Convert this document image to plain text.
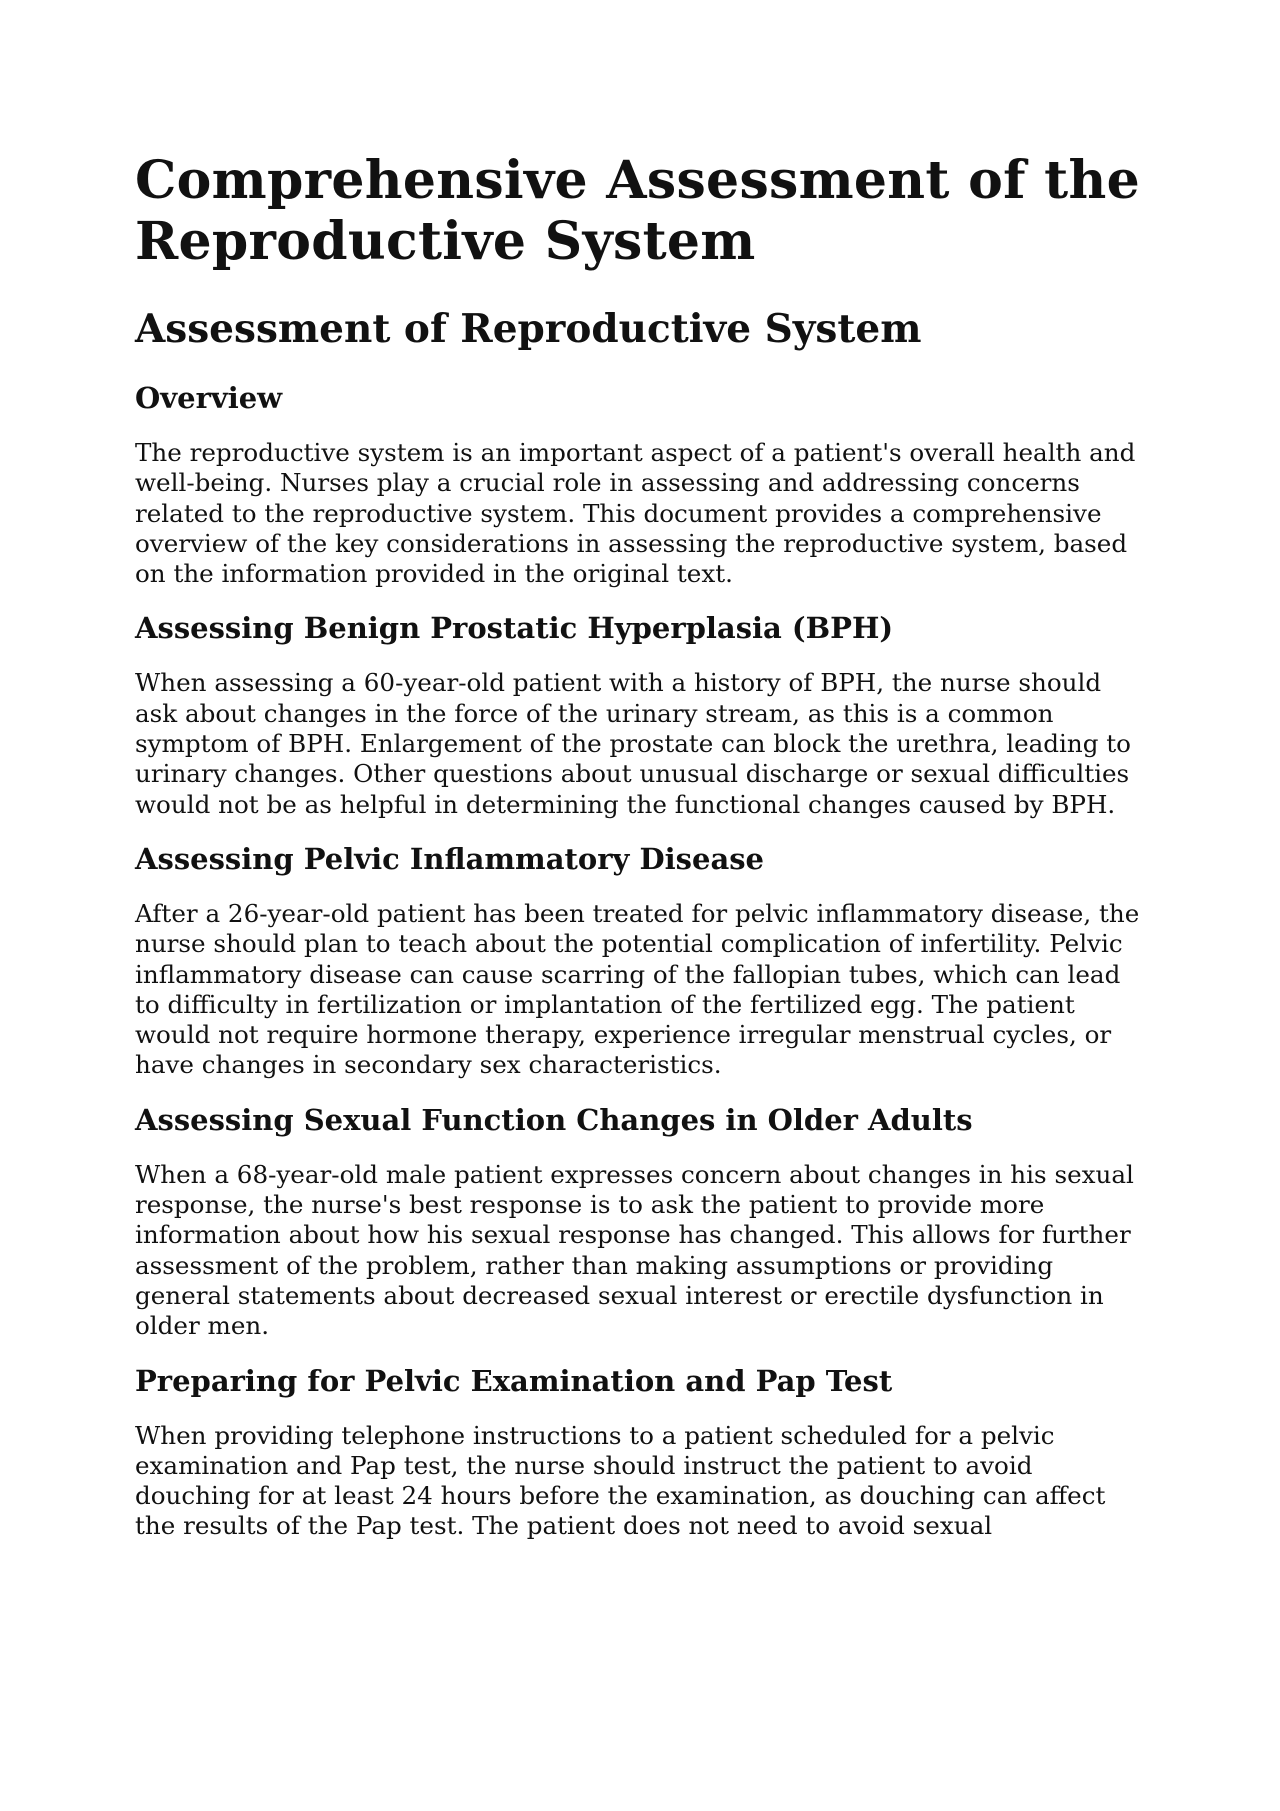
Comprehensive Assessment of the Reproductive System
Assessment of Reproductive System
Overview

The reproductive system is an important aspect of a patient's overall health and well-being. Nurses play a crucial role in assessing and addressing concerns related to the reproductive system. This document provides a comprehensive overview of the key considerations in assessing the reproductive system, based on the information provided in the original text.

Assessing Benign Prostatic Hyperplasia (BPH)

When assessing a 60-year-old patient with a history of BPH, the nurse should ask about changes in the force of the urinary stream, as this is a common symptom of BPH. Enlargement of the prostate can block the urethra, leading to urinary changes. Other questions about unusual discharge or sexual difficulties would not be as helpful in determining the functional changes caused by BPH.

Assessing Pelvic Inflammatory Disease

After a 26-year-old patient has been treated for pelvic inflammatory disease, the nurse should plan to teach about the potential complication of infertility. Pelvic inflammatory disease can cause scarring of the fallopian tubes, which can lead to difficulty in fertilization or implantation of the fertilized egg. The patient would not require hormone therapy, experience irregular menstrual cycles, or have changes in secondary sex characteristics.

Assessing Sexual Function Changes in Older Adults

When a 68-year-old male patient expresses concern about changes in his sexual response, the nurse's best response is to ask the patient to provide more information about how his sexual response has changed. This allows for further assessment of the problem, rather than making assumptions or providing general statements about decreased sexual interest or erectile dysfunction in older men.

Preparing for Pelvic Examination and Pap Test

When providing telephone instructions to a patient scheduled for a pelvic examination and Pap test, the nurse should instruct the patient to avoid douching for at least 24 hours before the examination, as douching can affect the results of the Pap test. The patient does not need to avoid sexual
